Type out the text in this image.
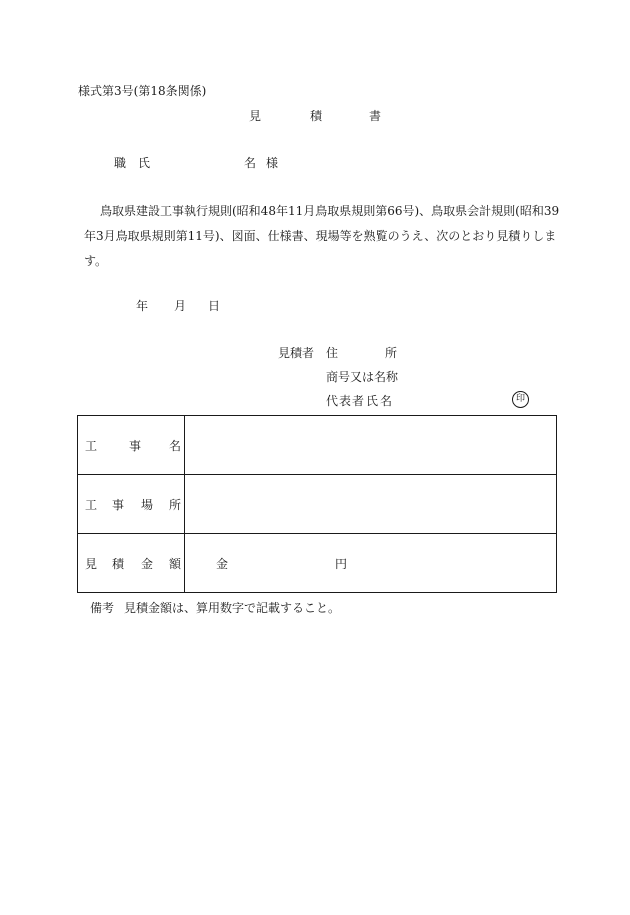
様式第3号(第18条関係)
見	積	書
職 氏	名 様
鳥取県建設工事執行規則(昭和48年11月鳥取県規則第66号)、鳥取県会計規則(昭和39
年3月鳥取県規則第11号)、図面、仕様書、現場等を熟覧のうえ、次のとおり見積りしま
す。
年 月 日
見積者 住	所
商号又は名称
代 表 者 氏 名	印
工 事 名	

工 事 場 所	

見 積 金 額	金 円
備考 見積金額は、算用数字で記載すること。
